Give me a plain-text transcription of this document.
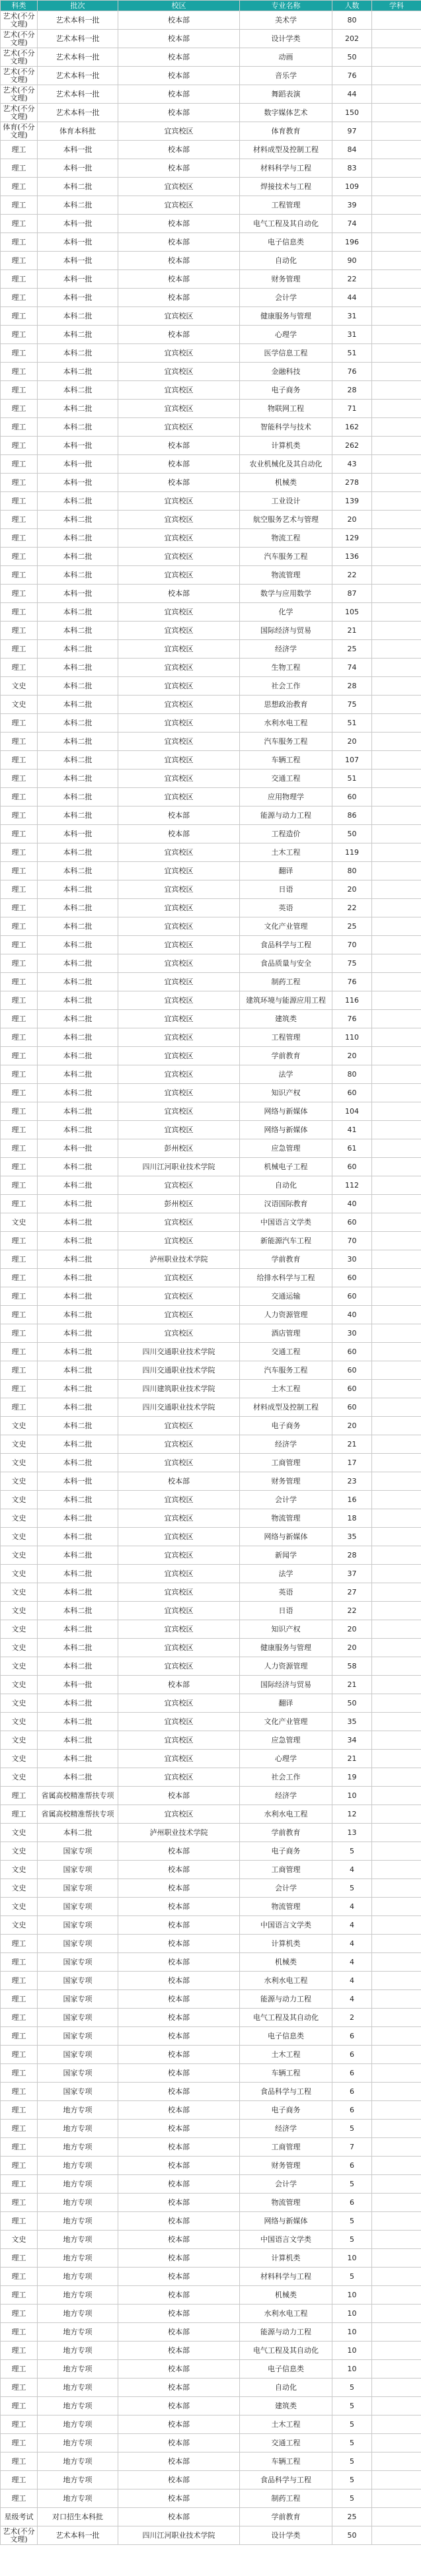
科类	批次	校区	专业名称	人数	学科
艺术(不分文理)	艺术本科一批	校本部	美术学	80	
艺术(不分文理)	艺术本科一批	校本部	设计学类	202	
艺术(不分文理)	艺术本科一批	校本部	动画	50	
艺术(不分文理)	艺术本科一批	校本部	音乐学	76	
艺术(不分文理)	艺术本科一批	校本部	舞蹈表演	44	
艺术(不分文理)	艺术本科一批	校本部	数字媒体艺术	150	
体育(不分文理)	体育本科批	宜宾校区	体育教育	97	
理工	本科一批	校本部	材料成型及控制工程	84	
理工	本科一批	校本部	材料科学与工程	83	
理工	本科二批	宜宾校区	焊接技术与工程	109	
理工	本科二批	宜宾校区	工程管理	39	
理工	本科一批	校本部	电气工程及其自动化	74	
理工	本科一批	校本部	电子信息类	196	
理工	本科一批	校本部	自动化	90	
理工	本科一批	校本部	财务管理	22	
理工	本科一批	校本部	会计学	44	
理工	本科二批	宜宾校区	健康服务与管理	31	
理工	本科二批	校本部	心理学	31	
理工	本科二批	宜宾校区	医学信息工程	51	
理工	本科二批	宜宾校区	金融科技	76	
理工	本科二批	宜宾校区	电子商务	28	
理工	本科二批	宜宾校区	物联网工程	71	
理工	本科二批	宜宾校区	智能科学与技术	162	
理工	本科一批	校本部	计算机类	262	
理工	本科一批	校本部	农业机械化及其自动化	43	
理工	本科一批	校本部	机械类	278	
理工	本科二批	宜宾校区	工业设计	139	
理工	本科二批	宜宾校区	航空服务艺术与管理	20	
理工	本科二批	宜宾校区	物流工程	129	
理工	本科二批	宜宾校区	汽车服务工程	136	
理工	本科二批	宜宾校区	物流管理	22	
理工	本科一批	校本部	数学与应用数学	87	
理工	本科二批	宜宾校区	化学	105	
理工	本科二批	宜宾校区	国际经济与贸易	21	
理工	本科二批	宜宾校区	经济学	25	
理工	本科二批	宜宾校区	生物工程	74	
文史	本科二批	宜宾校区	社会工作	28	
文史	本科二批	宜宾校区	思想政治教育	75	
理工	本科二批	宜宾校区	水利水电工程	51	
理工	本科二批	宜宾校区	汽车服务工程	20	
理工	本科二批	宜宾校区	车辆工程	107	
理工	本科二批	宜宾校区	交通工程	51	
理工	本科二批	宜宾校区	应用物理学	60	
理工	本科二批	校本部	能源与动力工程	86	
理工	本科一批	校本部	工程造价	50	
理工	本科二批	宜宾校区	土木工程	119	
理工	本科二批	宜宾校区	翻译	80	
理工	本科二批	宜宾校区	日语	20	
理工	本科二批	宜宾校区	英语	22	
理工	本科二批	宜宾校区	文化产业管理	25	
理工	本科二批	宜宾校区	食品科学与工程	70	
理工	本科二批	宜宾校区	食品质量与安全	75	
理工	本科二批	宜宾校区	制药工程	76	
理工	本科二批	宜宾校区	建筑环境与能源应用工程	116	
理工	本科二批	宜宾校区	建筑类	76	
理工	本科二批	宜宾校区	工程管理	110	
理工	本科二批	宜宾校区	学前教育	20	
理工	本科二批	宜宾校区	法学	80	
理工	本科二批	宜宾校区	知识产权	60	
理工	本科二批	宜宾校区	网络与新媒体	104	
理工	本科二批	宜宾校区	网络与新媒体	41	
理工	本科一批	彭州校区	应急管理	61	
理工	本科二批	四川江河职业技术学院	机械电子工程	60	
理工	本科二批	宜宾校区	自动化	112	
理工	本科二批	彭州校区	汉语国际教育	40	
文史	本科二批	宜宾校区	中国语言文学类	60	
理工	本科二批	宜宾校区	新能源汽车工程	70	
理工	本科二批	泸州职业技术学院	学前教育	30	
理工	本科二批	宜宾校区	给排水科学与工程	60	
理工	本科二批	宜宾校区	交通运输	60	
理工	本科二批	宜宾校区	人力资源管理	40	
理工	本科二批	宜宾校区	酒店管理	30	
理工	本科二批	四川交通职业技术学院	交通工程	60	
理工	本科二批	四川交通职业技术学院	汽车服务工程	60	
理工	本科二批	四川建筑职业技术学院	土木工程	60	
理工	本科二批	四川交通职业技术学院	材料成型及控制工程	60	
文史	本科二批	宜宾校区	电子商务	20	
文史	本科二批	宜宾校区	经济学	21	
文史	本科二批	宜宾校区	工商管理	17	
文史	本科一批	校本部	财务管理	23	
文史	本科二批	宜宾校区	会计学	16	
文史	本科二批	宜宾校区	物流管理	18	
文史	本科二批	宜宾校区	网络与新媒体	35	
文史	本科二批	宜宾校区	新闻学	28	
文史	本科二批	宜宾校区	法学	37	
文史	本科二批	宜宾校区	英语	27	
文史	本科二批	宜宾校区	日语	22	
文史	本科二批	宜宾校区	知识产权	20	
文史	本科二批	宜宾校区	健康服务与管理	20	
文史	本科二批	宜宾校区	人力资源管理	58	
文史	本科一批	校本部	国际经济与贸易	21	
文史	本科二批	宜宾校区	翻译	50	
文史	本科二批	宜宾校区	文化产业管理	35	
文史	本科二批	宜宾校区	应急管理	34	
文史	本科二批	宜宾校区	心理学	21	
文史	本科二批	宜宾校区	社会工作	19	
理工	省属高校精准帮扶专项	校本部	经济学	10	
理工	省属高校精准帮扶专项	宜宾校区	水利水电工程	12	
文史	本科二批	泸州职业技术学院	学前教育	13	
文史	国家专项	校本部	电子商务	5	
文史	国家专项	校本部	工商管理	4	
文史	国家专项	校本部	会计学	5	
文史	国家专项	校本部	物流管理	4	
文史	国家专项	校本部	中国语言文学类	4	
理工	国家专项	校本部	计算机类	4	
理工	国家专项	校本部	机械类	4	
理工	国家专项	校本部	水利水电工程	4	
理工	国家专项	校本部	能源与动力工程	4	
理工	国家专项	校本部	电气工程及其自动化	2	
理工	国家专项	校本部	电子信息类	6	
理工	国家专项	校本部	土木工程	6	
理工	国家专项	校本部	车辆工程	6	
理工	国家专项	校本部	食品科学与工程	6	
理工	地方专项	校本部	电子商务	6	
理工	地方专项	校本部	经济学	5	
理工	地方专项	校本部	工商管理	7	
理工	地方专项	校本部	财务管理	6	
理工	地方专项	校本部	会计学	5	
理工	地方专项	校本部	物流管理	6	
理工	地方专项	校本部	网络与新媒体	5	
文史	地方专项	校本部	中国语言文学类	5	
理工	地方专项	校本部	计算机类	10	
理工	地方专项	校本部	材料科学与工程	5	
理工	地方专项	校本部	机械类	10	
理工	地方专项	校本部	水利水电工程	10	
理工	地方专项	校本部	能源与动力工程	10	
理工	地方专项	校本部	电气工程及其自动化	10	
理工	地方专项	校本部	电子信息类	10	
理工	地方专项	校本部	自动化	5	
理工	地方专项	校本部	建筑类	5	
理工	地方专项	校本部	土木工程	5	
理工	地方专项	校本部	交通工程	5	
理工	地方专项	校本部	车辆工程	5	
理工	地方专项	校本部	食品科学与工程	5	
理工	地方专项	校本部	制药工程	5	
星级考试	对口招生本科批	校本部	学前教育	25	
艺术(不分文理)	艺术本科一批	四川江河职业技术学院	设计学类	50	
